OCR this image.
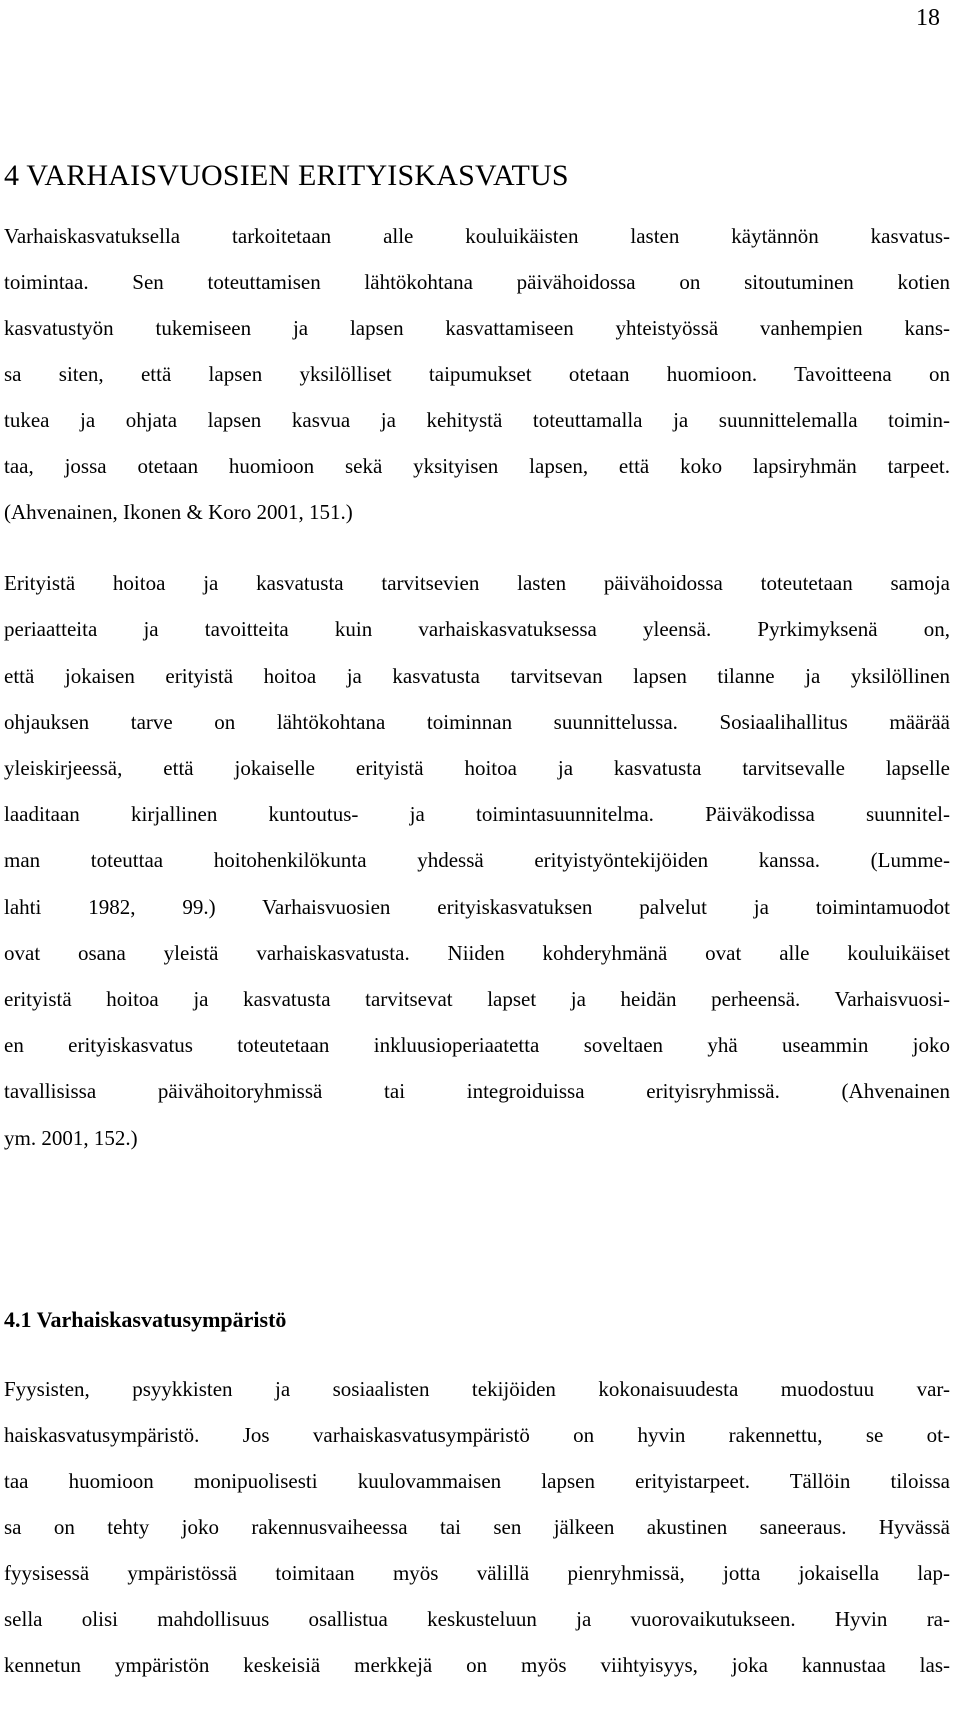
18
4 VARHAISVUOSIEN ERITYISKASVATUS
Varhaiskasvatuksella tarkoitetaan alle kouluikäisten lasten käytännön kasvatus-
toimintaa. Sen toteuttamisen lähtökohtana päivähoidossa on sitoutuminen kotien
kasvatustyön tukemiseen ja lapsen kasvattamiseen yhteistyössä vanhempien kans-
sa siten, että lapsen yksilölliset taipumukset otetaan huomioon. Tavoitteena on
tukea ja ohjata lapsen kasvua ja kehitystä toteuttamalla ja suunnittelemalla toimin-
taa, jossa otetaan huomioon sekä yksityisen lapsen, että koko lapsiryhmän tarpeet.
(Ahvenainen, Ikonen & Koro 2001, 151.)
Erityistä hoitoa ja kasvatusta tarvitsevien lasten päivähoidossa toteutetaan samoja
periaatteita ja tavoitteita kuin varhaiskasvatuksessa yleensä. Pyrkimyksenä on,
että jokaisen erityistä hoitoa ja kasvatusta tarvitsevan lapsen tilanne ja yksilöllinen
ohjauksen tarve on lähtökohtana toiminnan suunnittelussa. Sosiaalihallitus määrää
yleiskirjeessä, että jokaiselle erityistä hoitoa ja kasvatusta tarvitsevalle lapselle
laaditaan kirjallinen kuntoutus- ja toimintasuunnitelma. Päiväkodissa suunnitel-
man toteuttaa hoitohenkilökunta yhdessä erityistyöntekijöiden kanssa. (Lumme-
lahti 1982, 99.) Varhaisvuosien erityiskasvatuksen palvelut ja toimintamuodot
ovat osana yleistä varhaiskasvatusta. Niiden kohderyhmänä ovat alle kouluikäiset
erityistä hoitoa ja kasvatusta tarvitsevat lapset ja heidän perheensä. Varhaisvuosi-
en erityiskasvatus toteutetaan inkluusioperiaatetta soveltaen yhä useammin joko
tavallisissa päivähoitoryhmissä tai integroiduissa erityisryhmissä. (Ahvenainen
ym. 2001, 152.)
4.1 Varhaiskasvatusympäristö
Fyysisten, psyykkisten ja sosiaalisten tekijöiden kokonaisuudesta muodostuu var-
haiskasvatusympäristö. Jos varhaiskasvatusympäristö on hyvin rakennettu, se ot-
taa huomioon monipuolisesti kuulovammaisen lapsen erityistarpeet. Tällöin tiloissa
sa on tehty joko rakennusvaiheessa tai sen jälkeen akustinen saneeraus. Hyvässä
fyysisessä ympäristössä toimitaan myös välillä pienryhmissä, jotta jokaisella lap-
sella olisi mahdollisuus osallistua keskusteluun ja vuorovaikutukseen. Hyvin ra-
kennetun ympäristön keskeisiä merkkejä on myös viihtyisyys, joka kannustaa las-
